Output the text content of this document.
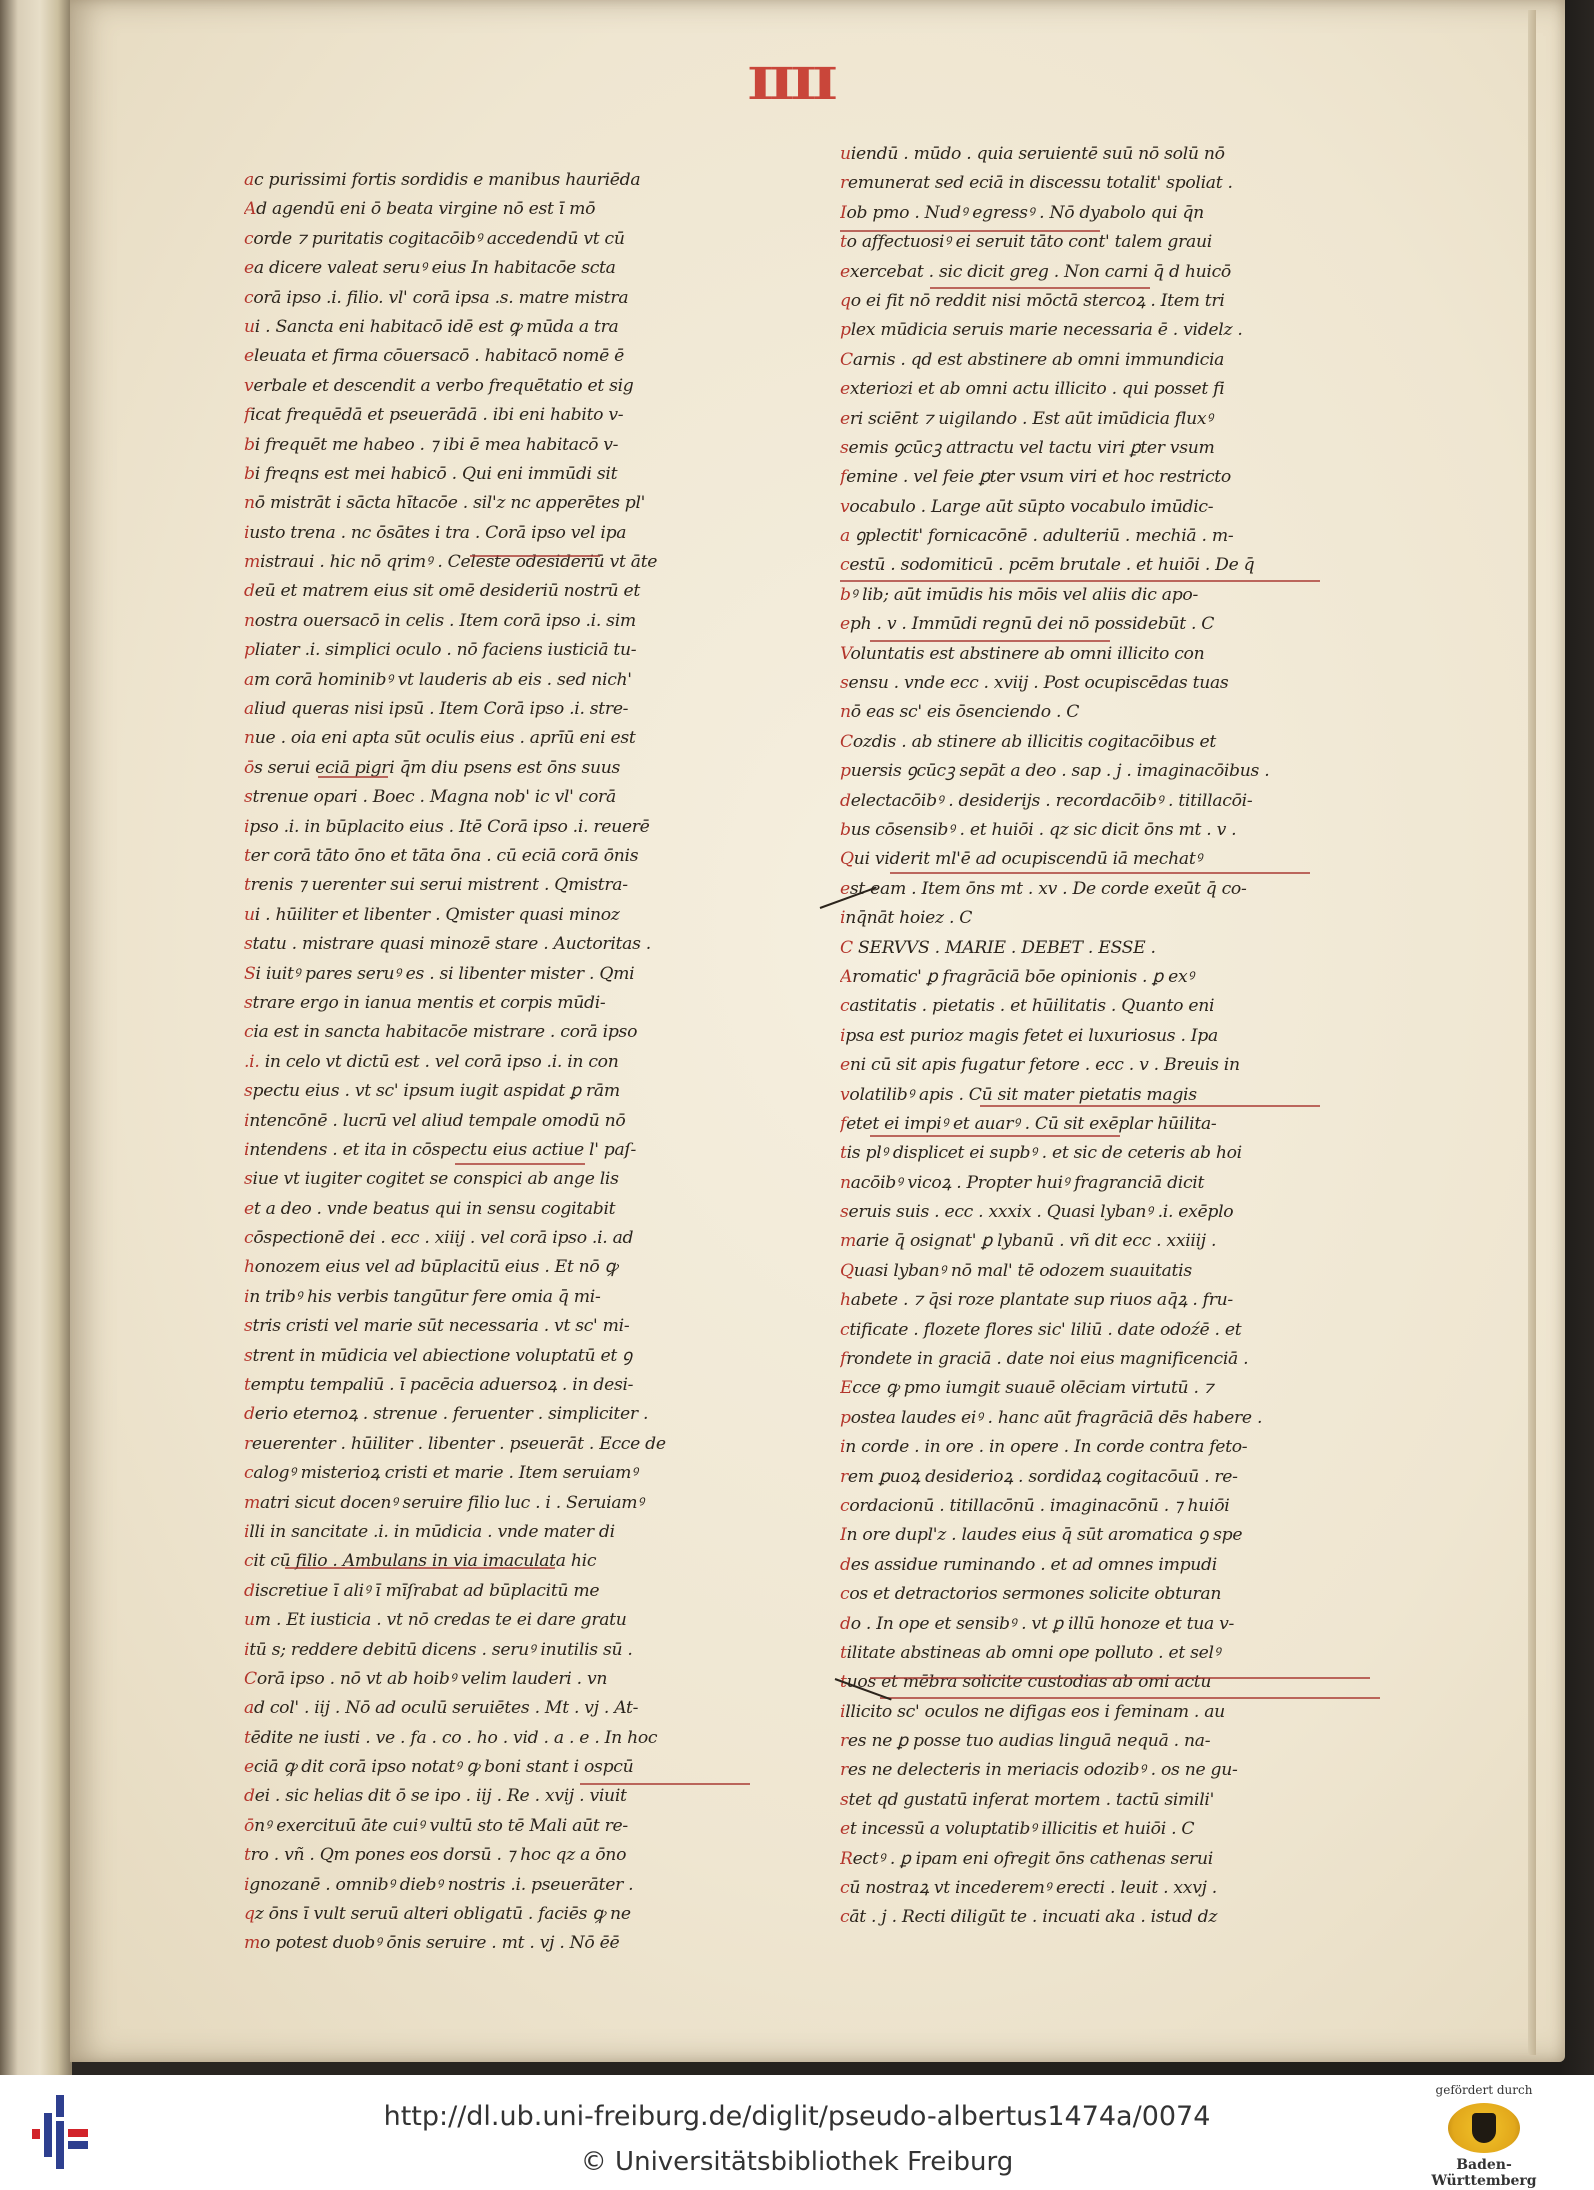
IIII
ac purissimi fortis sordidis e manibus hauriēda
Ad agendū eni ō beata virgine nō est ī mō
corde ⁊ puritatis cogitacōibꝰ accedendū vt cū
ea dicere valeat seruꝰ eius In habitacōe scta
corā ipso .i. filio. vl' corā ipsa .s. matre mistra
ui . Sancta eni habitacō idē est ꝙ mūda a tra
eleuata et firma cōuersacō . habitacō nomē ē
verbale et descendit a verbo frequētatio et sig
ficat frequēdā et pseuerādā . ibi eni habito v-
bi frequēt me habeo . ⁊ ibi ē mea habitacō v-
bi freqns est mei habicō . Qui eni immūdi sit
nō mistrāt i sācta hītacōe . sil'z nc apperētes pl'
iusto trena . nc ōsātes i tra . Corā ipso vel ipa
mistraui . hic nō qrimꝰ . Celeste odesideriū vt āte
deū et matrem eius sit omē desideriū nostrū et
nostra ouersacō in celis . Item corā ipso .i. sim
pliater .i. simplici oculo . nō faciens iusticiā tu-
am corā hominibꝰ vt lauderis ab eis . sed nich'
aliud queras nisi ipsū . Item Corā ipso .i. stre-
nue . oia eni apta sūt oculis eius . aprīū eni est
ōs serui eciā pigri q̄m diu psens est ōns suus
strenue opari . Boec . Magna nob' ic vl' corā
ipso .i. in būplacito eius . Itē Corā ipso .i. reuerē
ter corā tāto ōno et tāta ōna . cū eciā corā ōnis
trenis ⁊ uerenter sui serui mistrent . Qmistra-
ui . hūiliter et libenter . Qmister quasi minoz
statu . mistrare quasi minozē stare . Auctoritas .
Si iuitꝰ pares seruꝰ es . si libenter mister . Qmi
strare ergo in ianua mentis et corpis mūdi-
cia est in sancta habitacōe mistrare . corā ipso
.i. in celo vt dictū est . vel corā ipso .i. in con
spectu eius . vt sc' ipsum iugit aspidat ꝑ rām
intencōnē . lucrū vel aliud tempale omodū nō
intendens . et ita in cōspectu eius actiue l' paſ-
siue vt iugiter cogitet se conspici ab ange lis
et a deo . vnde beatus qui in sensu cogitabit
cōspectionē dei . ecc . xiiij . vel corā ipso .i. ad
honozem eius vel ad būplacitū eius . Et nō ꝙ
in tribꝰ his verbis tangūtur fere omia q̄ mi-
stris cristi vel marie sūt necessaria . vt sc' mi-
strent in mūdicia vel abiectione voluptatū et ꝯ
temptu tempaliū . ī pacēcia aduersoꝝ . in desi-
derio eternoꝝ . strenue . feruenter . simpliciter .
reuerenter . hūiliter . libenter . pseuerāt . Ecce de
calogꝰ misterioꝝ cristi et marie . Item seruiamꝰ
matri sicut docenꝰ seruire filio luc . i . Seruiamꝰ
illi in sancitate .i. in mūdicia . vnde mater di
cit cū filio . Ambulans in via imaculata hic
discretiue ī aliꝰ ī mīſrabat ad būplacitū me
um . Et iusticia . vt nō credas te ei dare gratu
itū s; reddere debitū dicens . seruꝰ inutilis sū .
Corā ipso . nō vt ab hoibꝰ velim lauderi . vn
ad col' . iij . Nō ad oculū seruiētes . Mt . vj . At-
tēdite ne iusti . ve . fa . co . ho . vid . a . e . In hoc
eciā ꝙ dit corā ipso notatꝰ ꝙ boni stant i ospcū
dei . sic helias dit ō se ipo . iij . Re . xvij . viuit
ōnꝰ exercituū āte cuiꝰ vultū sto tē Mali aūt re-
tro . vñ . Qm pones eos dorsū . ⁊ hoc qz a ōno
ignozanē . omnibꝰ diebꝰ nostris .i. pseuerāter .
qz ōns ī vult seruū alteri obligatū . faciēs ꝙ ne
mo potest duobꝰ ōnis seruire . mt . vj . Nō ēē
uiendū . mūdo . quia seruientē suū nō solū nō
remunerat sed eciā in discessu totalit' spoliat .
Iob pmo . Nudꝰ egressꝰ . Nō dyabolo qui q̄n
to affectuosiꝰ ei seruit tāto cont' talem graui
exercebat . sic dicit greg . Non carni q̄ d huicō
qo ei fit nō reddit nisi mōctā stercoꝝ . Item tri
plex mūdicia seruis marie necessaria ē . videlz .
Carnis . qd est abstinere ab omni immundicia
exteriozi et ab omni actu illicito . qui posset fi
eri sciēnt ⁊ uigilando . Est aūt imūdicia fluxꝰ
semis ꝯcūcꝫ attractu vel tactu viri ꝑter vsum
femine . vel feie ꝑter vsum viri et hoc restricto
vocabulo . Large aūt sūpto vocabulo imūdic-
a ꝯplectit' fornicacōnē . adulteriū . mechiā . m-
cestū . sodomiticū . pcēm brutale . et huiōi . De q̄
bꝰ lib; aūt imūdis his mōis vel aliis dic apo-
eph . v . Immūdi regnū dei nō possidebūt . C
Voluntatis est abstinere ab omni illicito con
sensu . vnde ecc . xviij . Post ocupiscēdas tuas
nō eas sc' eis ōsenciendo . C
Cozdis . ab stinere ab illicitis cogitacōibus et
puersis ꝯcūcꝫ sepāt a deo . sap . j . imaginacōibus .
delectacōibꝰ . desiderijs . recordacōibꝰ . titillacōi-
bus cōsensibꝰ . et huiōi . qz sic dicit ōns mt . v .
Qui viderit ml'ē ad ocupiscendū iā mechatꝰ
est eam . Item ōns mt . xv . De corde exeūt q̄ co-
inq̄nāt hoiez . C
C SERVVS . MARIE . DEBET . ESSE .
Aromatic' ꝑ fragrāciā bōe opinionis . ꝑ exꝰ
castitatis . pietatis . et hūilitatis . Quanto eni
ipsa est purioz magis fetet ei luxuriosus . Ipa
eni cū sit apis fugatur fetore . ecc . v . Breuis in
volatilibꝰ apis . Cū sit mater pietatis magis
fetet ei impiꝰ et auarꝰ . Cū sit exēplar hūilita-
tis plꝰ displicet ei supbꝰ . et sic de ceteris ab hoi
nacōibꝰ vicoꝝ . Propter huiꝰ fragranciā dicit
seruis suis . ecc . xxxix . Quasi lybanꝰ .i. exēplo
marie q̄ osignat' ꝑ lybanū . vñ dit ecc . xxiiij .
Quasi lybanꝰ nō mal' tē odozem suauitatis
habete . ⁊ q̄si roze plantate sup riuos aq̄ꝝ . fru-
ctificate . flozete flores sic' liliū . date odoźē . et
frondete in graciā . date noi eius magnificenciā .
Ecce ꝙ pmo iumgit suauē olēciam virtutū . ⁊
postea laudes eiꝰ . hanc aūt fragrāciā dēs habere .
in corde . in ore . in opere . In corde contra feto-
rem ꝑuoꝝ desiderioꝝ . sordidaꝝ cogitacōuū . re-
cordacionū . titillacōnū . imaginacōnū . ⁊ huiōi
In ore dupl'z . laudes eius q̄ sūt aromatica ꝯ spe
des assidue ruminando . et ad omnes impudi
cos et detractorios sermones solicite obturan
do . In ope et sensibꝰ . vt ꝑ illū honoze et tua v-
tilitate abstineas ab omni ope polluto . et selꝰ
tuos et mēbra solicite custodias ab omi actu
illicito sc' oculos ne difigas eos i feminam . au
res ne ꝑ posse tuo audias linguā nequā . na-
res ne delecteris in meriacis odozibꝰ . os ne gu-
stet qd gustatū inferat mortem . tactū simili'
et incessū a voluptatibꝰ illicitis et huiōi . C
Rectꝰ . ꝑ ipam eni ofregit ōns cathenas serui
cū nostraꝝ vt incederemꝰ erecti . leuit . xxvj .
cāt . j . Recti diligūt te . incuati aka . istud dz
http://dl.ub.uni-freiburg.de/diglit/pseudo-albertus1474a/0074
© Universitätsbibliothek Freiburg
gefördert durch
Baden-Württemberg
